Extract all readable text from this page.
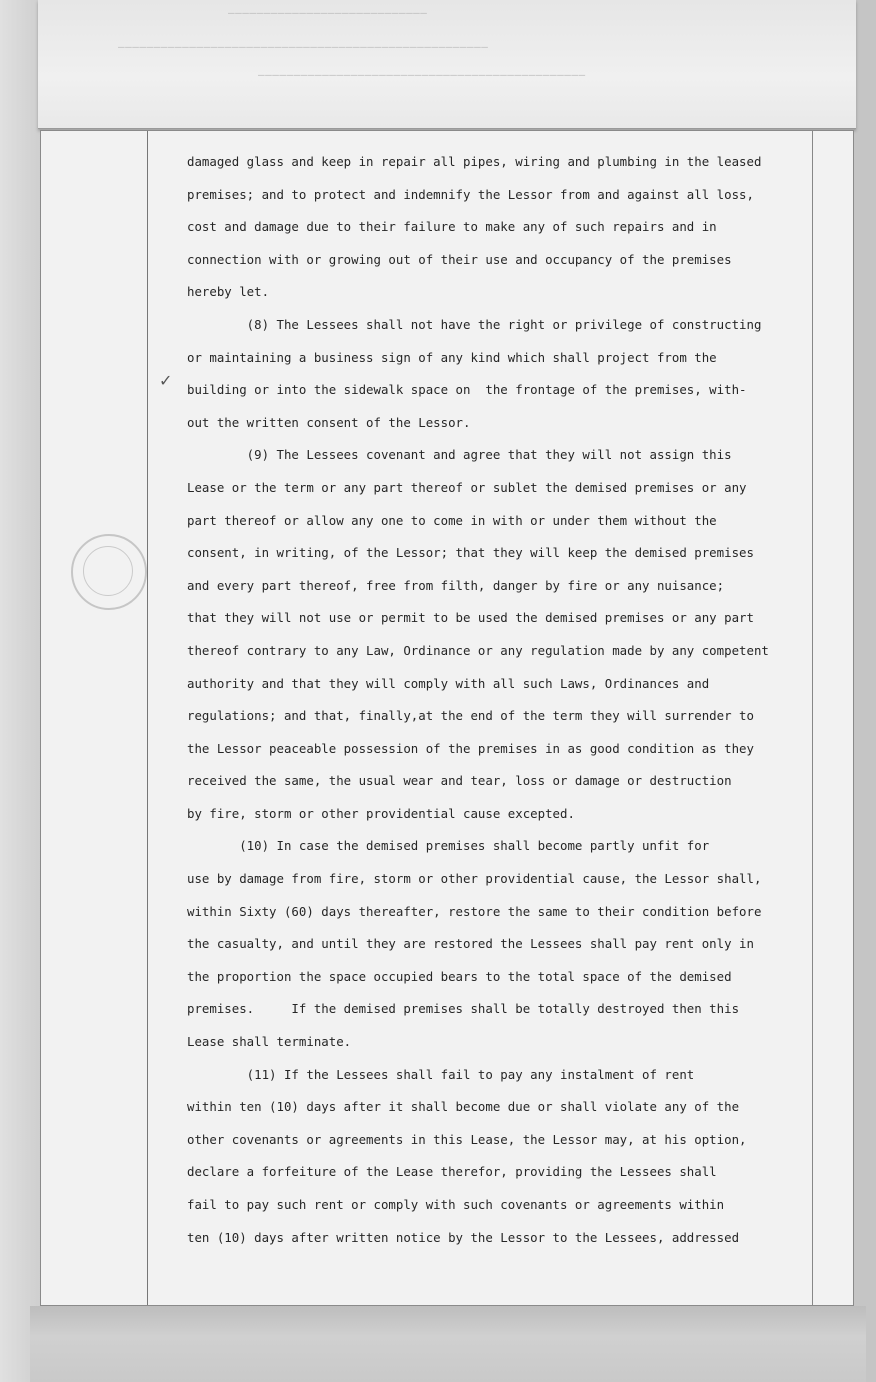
————————————————————————————
————————————————————————————————————————————————————
——————————————————————————————————————————————
✓
damaged glass and keep in repair all pipes, wiring and plumbing in the leased
premises; and to protect and indemnify the Lessor from and against all loss,
cost and damage due to their failure to make any of such repairs and in
connection with or growing out of their use and occupancy of the premises
hereby let.
(8) The Lessees shall not have the right or privilege of constructing
or maintaining a business sign of any kind which shall project from the
building or into the sidewalk space on  the frontage of the premises, with-
out the written consent of the Lessor.
(9) The Lessees covenant and agree that they will not assign this
Lease or the term or any part thereof or sublet the demised premises or any
part thereof or allow any one to come in with or under them without the
consent, in writing, of the Lessor; that they will keep the demised premises
and every part thereof, free from filth, danger by fire or any nuisance;
that they will not use or permit to be used the demised premises or any part
thereof contrary to any Law, Ordinance or any regulation made by any competent
authority and that they will comply with all such Laws, Ordinances and
regulations; and that, finally,at the end of the term they will surrender to
the Lessor peaceable possession of the premises in as good condition as they
received the same, the usual wear and tear, loss or damage or destruction
by fire, storm or other providential cause excepted.
(10) In case the demised premises shall become partly unfit for
use by damage from fire, storm or other providential cause, the Lessor shall,
within Sixty (60) days thereafter, restore the same to their condition before
the casualty, and until they are restored the Lessees shall pay rent only in
the proportion the space occupied bears to the total space of the demised
premises.     If the demised premises shall be totally destroyed then this
Lease shall terminate.
(11) If the Lessees shall fail to pay any instalment of rent
within ten (10) days after it shall become due or shall violate any of the
other covenants or agreements in this Lease, the Lessor may, at his option,
declare a forfeiture of the Lease therefor, providing the Lessees shall
fail to pay such rent or comply with such covenants or agreements within
ten (10) days after written notice by the Lessor to the Lessees, addressed
